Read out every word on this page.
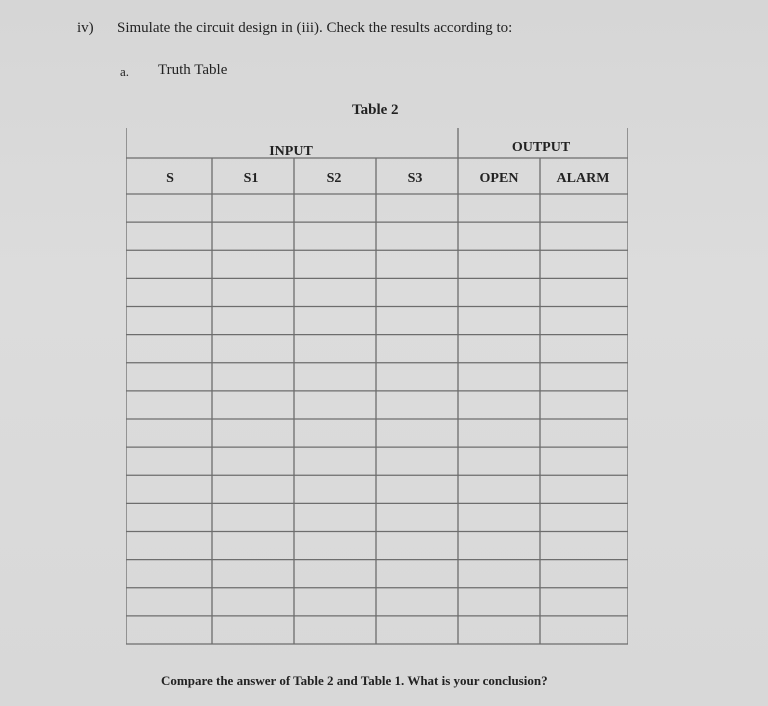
iv) Simulate the circuit design in (iii). Check the results according to:
a. Truth Table
Table 2
INPUT	OUTPUT
S	S1	S2	S3	OPEN	ALARM
Compare the answer of Table 2 and Table 1. What is your conclusion?
